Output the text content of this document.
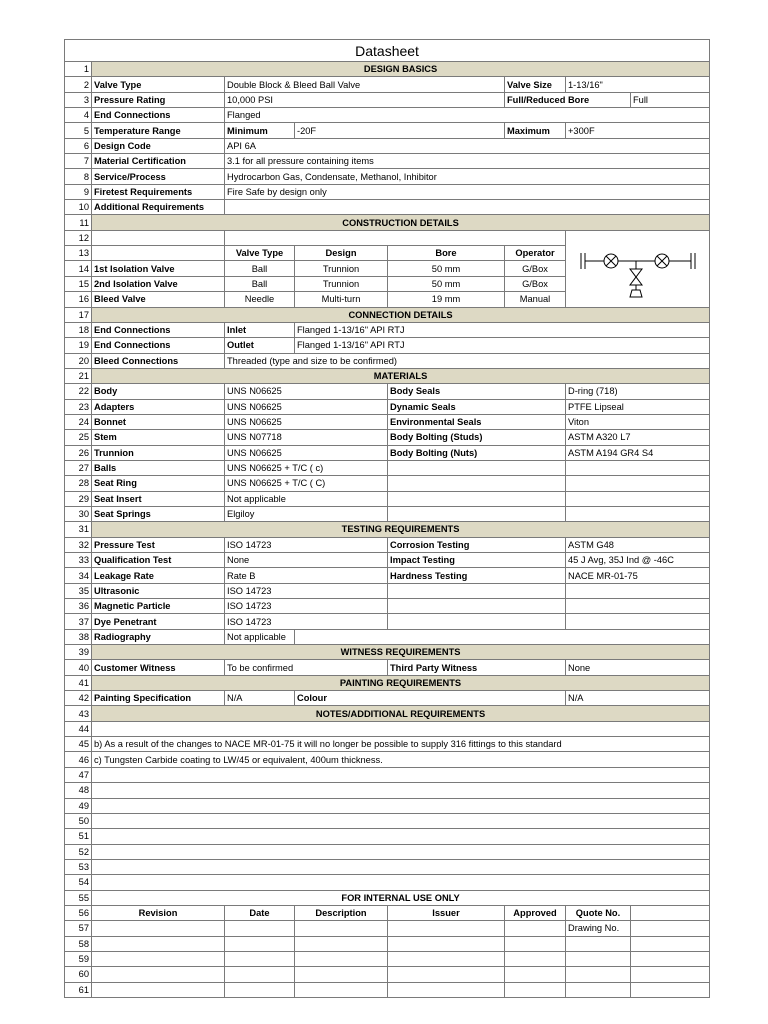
Datasheet							
1	DESIGN BASICS						
2	Valve Type	Double Block & Bleed Ball Valve			Valve Size	1-13/16"	
3	Pressure Rating	10,000 PSI			Full/Reduced Bore		Full
4	End Connections	Flanged					
5	Temperature Range	Minimum	-20F		Maximum	+300F	
6	Design Code	API 6A					
7	Material Certification	3.1 for all pressure containing items					
8	Service/Process	Hydrocarbon Gas, Condensate, Methanol, Inhibitor					
9	Firetest Requirements	Fire Safe by design only					
10	Additional Requirements						
11	CONSTRUCTION DETAILS						
12						

13		Valve Type	Design	Bore	Operator		
14	1st Isolation Valve	Ball	Trunnion	50 mm	G/Box		
15	2nd Isolation Valve	Ball	Trunnion	50 mm	G/Box		
16	Bleed Valve	Needle	Multi-turn	19 mm	Manual		
17	CONNECTION DETAILS						
18	End Connections	Inlet	Flanged 1-13/16" API RTJ				
19	End Connections	Outlet	Flanged 1-13/16" API RTJ				
20	Bleed Connections	Threaded (type and size to be confirmed)					
21	MATERIALS						
22	Body	UNS N06625		Body Seals		D-ring (718)	
23	Adapters	UNS N06625		Dynamic Seals		PTFE Lipseal	
24	Bonnet	UNS N06625		Environmental Seals		Viton	
25	Stem	UNS N07718		Body Bolting (Studs)		ASTM A320 L7	
26	Trunnion	UNS N06625		Body Bolting (Nuts)		ASTM A194 GR4 S4	
27	Balls	UNS N06625 + T/C ( c)					
28	Seat Ring	UNS N06625 + T/C ( C)					
29	Seat Insert	Not applicable					
30	Seat Springs	Elgiloy					
31	TESTING REQUIREMENTS						
32	Pressure Test	ISO 14723		Corrosion Testing		ASTM G48	
33	Qualification Test	None		Impact Testing		45 J Avg, 35J Ind @ -46C	
34	Leakage Rate	Rate B		Hardness Testing		NACE MR-01-75	
35	Ultrasonic	ISO 14723					
36	Magnetic Particle	ISO 14723					
37	Dye Penetrant	ISO 14723					
38	Radiography	Not applicable					
39	WITNESS REQUIREMENTS						
40	Customer Witness	To be confirmed		Third Party Witness		None	
41	PAINTING REQUIREMENTS						
42	Painting Specification	N/A	Colour			N/A	
43	NOTES/ADDITIONAL REQUIREMENTS						
44							
45	b) As a result of the changes to NACE MR-01-75 it will no longer be possible to supply 316 fittings to this standard						
46	c) Tungsten Carbide coating to LW/45 or equivalent, 400um thickness.						
47							
48							
49							
50							
51							
52							
53							
54							
55	FOR INTERNAL USE ONLY						
56	Revision	Date	Description	Issuer	Approved	Quote No.	
57						Drawing No.	
58							
59							
60							
61							
